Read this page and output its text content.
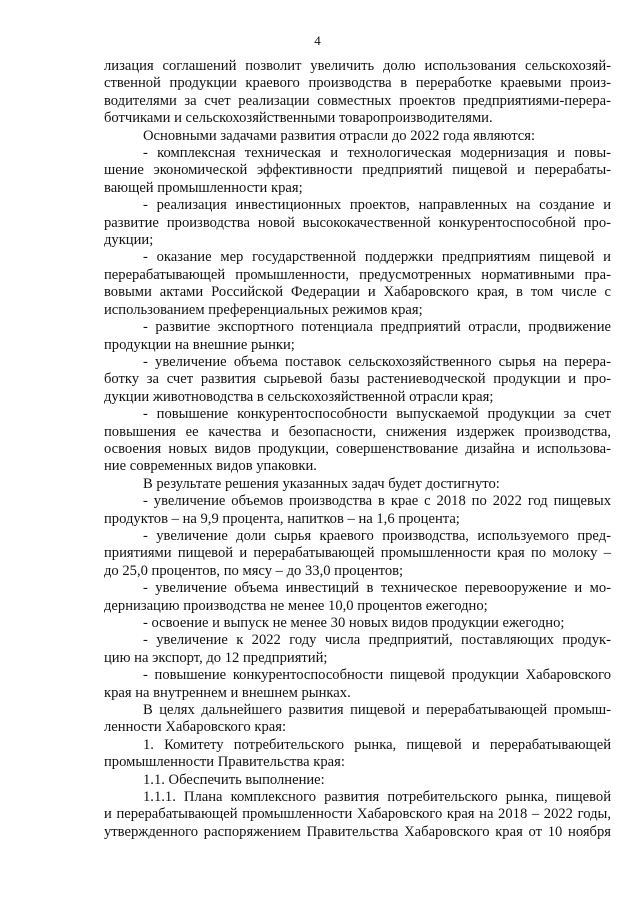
4

лизация соглашений позволит увеличить долю использования сельскохозяй-

ственной продукции краевого производства в переработке краевыми произ-

водителями за счет реализации совместных проектов предприятиями-перера-

ботчиками и сельскохозяйственными товаропроизводителями.

Основными задачами развития отрасли до 2022 года являются:

- комплексная техническая и технологическая модернизация и повы-

шение экономической эффективности предприятий пищевой и перерабаты-

вающей промышленности края;

- реализация инвестиционных проектов, направленных на создание и

развитие производства новой высококачественной конкурентоспособной про-

дукции;

- оказание мер государственной поддержки предприятиям пищевой и

перерабатывающей промышленности, предусмотренных нормативными пра-

вовыми актами Российской Федерации и Хабаровского края, в том числе с

использованием преференциальных режимов края;

- развитие экспортного потенциала предприятий отрасли, продвижение

продукции на внешние рынки;

- увеличение объема поставок сельскохозяйственного сырья на перера-

ботку за счет развития сырьевой базы растениеводческой продукции и про-

дукции животноводства в сельскохозяйственной отрасли края;

- повышение конкурентоспособности выпускаемой продукции за счет

повышения ее качества и безопасности, снижения издержек производства,

освоения новых видов продукции, совершенствование дизайна и использова-

ние современных видов упаковки.

В результате решения указанных задач будет достигнуто:

- увеличение объемов производства в крае с 2018 по 2022 год пищевых

продуктов – на 9,9 процента, напитков – на 1,6 процента;

- увеличение доли сырья краевого производства, используемого пред-

приятиями пищевой и перерабатывающей промышленности края по молоку –

до 25,0 процентов, по мясу – до 33,0 процентов;

- увеличение объема инвестиций в техническое перевооружение и мо-

дернизацию производства не менее 10,0 процентов ежегодно;

- освоение и выпуск не менее 30 новых видов продукции ежегодно;

- увеличение к 2022 году числа предприятий, поставляющих продук-

цию на экспорт, до 12 предприятий;

- повышение конкурентоспособности пищевой продукции Хабаровского

края на внутреннем и внешнем рынках.

В целях дальнейшего развития пищевой и перерабатывающей промыш-

ленности Хабаровского края:

1. Комитету потребительского рынка, пищевой и перерабатывающей

промышленности Правительства края:

1.1. Обеспечить выполнение:

1.1.1. Плана комплексного развития потребительского рынка, пищевой

и перерабатывающей промышленности Хабаровского края на 2018 – 2022 годы,

утвержденного распоряжением Правительства Хабаровского края от 10 ноября
